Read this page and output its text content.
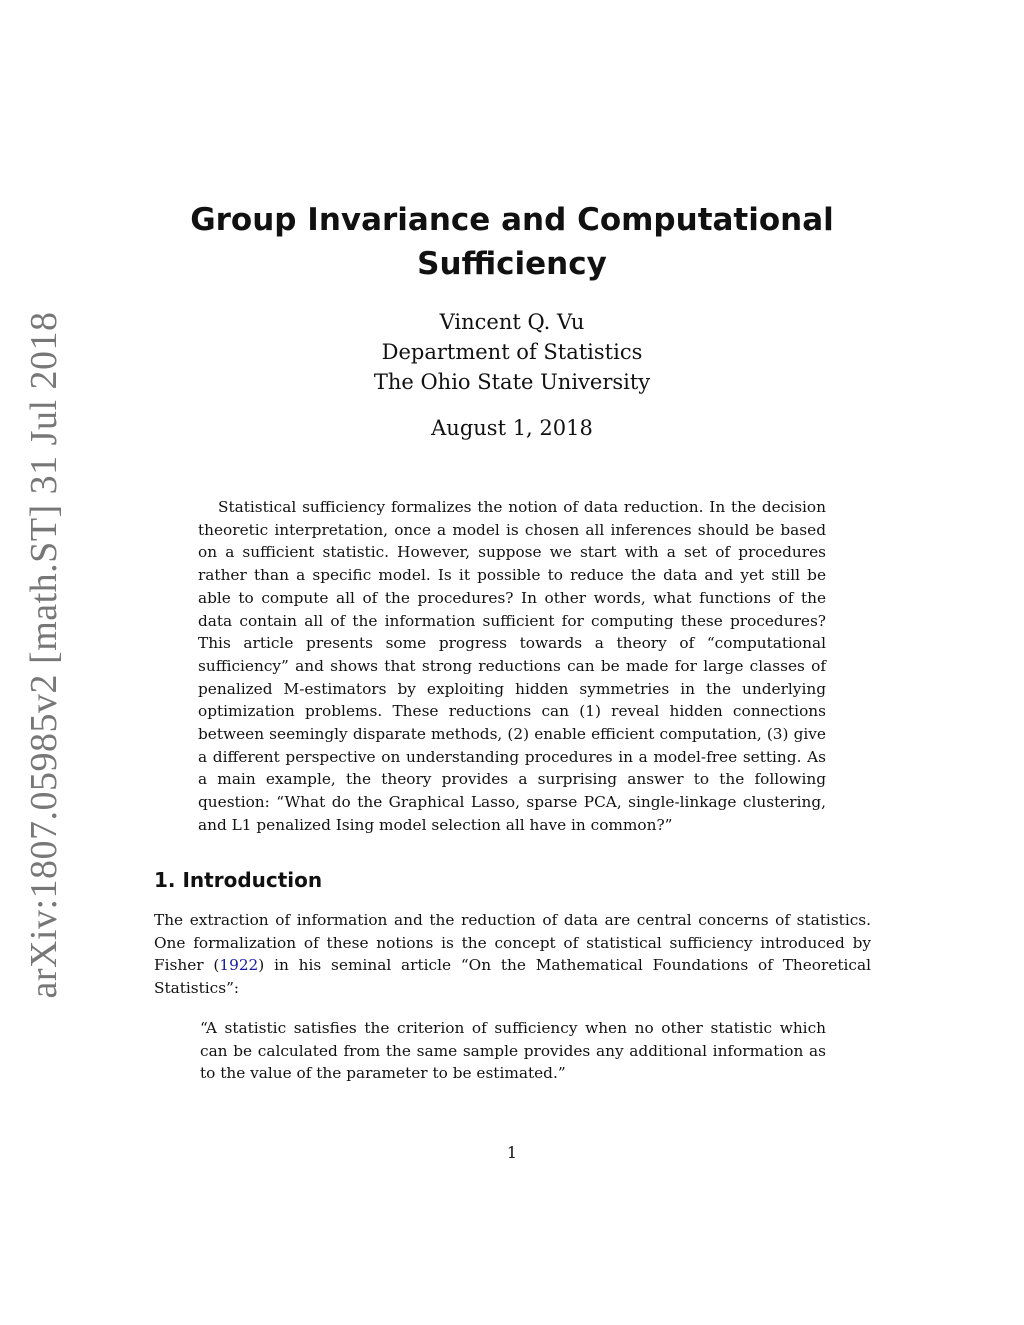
arXiv:1807.05985v2 [math.ST] 31 Jul 2018
Group Invariance and Computational
Sufficiency
Vincent Q. Vu
Department of Statistics
The Ohio State University
August 1, 2018

Statistical sufficiency formalizes the notion of data reduction. In the decision theoretic interpretation, once a model is chosen all inferences should be based on a sufficient statistic. However, suppose we start with a set of procedures rather than a specific model. Is it possible to reduce the data and yet still be able to compute all of the procedures? In other words, what functions of the data contain all of the information sufficient for computing these procedures? This article presents some progress towards a theory of “computational sufficiency” and shows that strong reductions can be made for large classes of penalized M-estimators by exploiting hidden symmetries in the underlying optimization problems. These reductions can (1) reveal hidden connections between seemingly disparate methods, (2) enable efficient computation, (3) give a different perspective on understanding procedures in a model-free setting. As a main example, the theory provides a surprising answer to the following question: “What do the Graphical Lasso, sparse PCA, single-linkage clustering, and L1 penalized Ising model selection all have in common?”

1. Introduction

The extraction of information and the reduction of data are central concerns of statistics. One formalization of these notions is the concept of statistical sufficiency introduced by Fisher (1922) in his seminal article “On the Mathematical Foundations of Theoretical Statistics”:

“A statistic satisfies the criterion of sufficiency when no other statistic which can be calculated from the same sample provides any additional information as to the value of the parameter to be estimated.”

1
